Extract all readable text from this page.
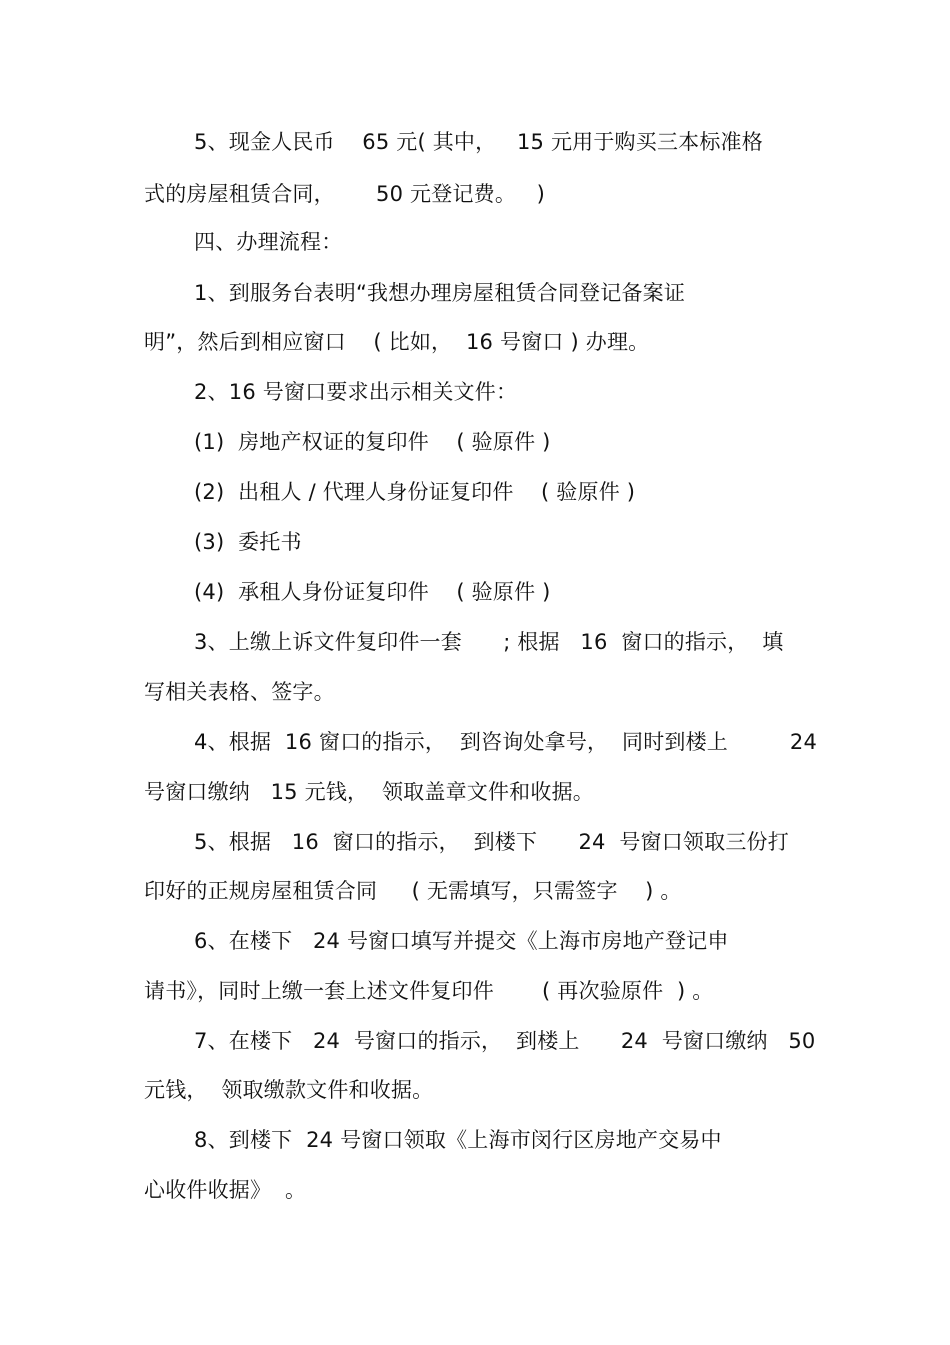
5、现金人民币    65 元( 其中，   15 元用于购买三本标准格
式的房屋租赁合同，      50 元登记费。   )
四、办理流程：
1、到服务台表明“我想办理房屋租赁合同登记备案证
明”，然后到相应窗口    ( 比如，  16 号窗口 ) 办理。
2、16 号窗口要求出示相关文件：
(1)  房地产权证的复印件    ( 验原件 )
(2)  出租人 / 代理人身份证复印件    ( 验原件 )
(3)  委托书
(4)  承租人身份证复印件    ( 验原件 )
3、上缴上诉文件复印件一套      ; 根据   16  窗口的指示，  填
写相关表格、签字。
4、根据  16 窗口的指示，  到咨询处拿号，  同时到楼上         24
号窗口缴纳   15 元钱，  领取盖章文件和收据。
5、根据   16  窗口的指示，  到楼下      24  号窗口领取三份打
印好的正规房屋租赁合同     ( 无需填写，只需签字    ) 。
6、在楼下   24 号窗口填写并提交《上海市房地产登记申
请书》，同时上缴一套上述文件复印件       ( 再次验原件  ) 。
7、在楼下   24  号窗口的指示，  到楼上      24  号窗口缴纳   50
元钱，  领取缴款文件和收据。
8、到楼下  24 号窗口领取《上海市闵行区房地产交易中
心收件收据》  。
